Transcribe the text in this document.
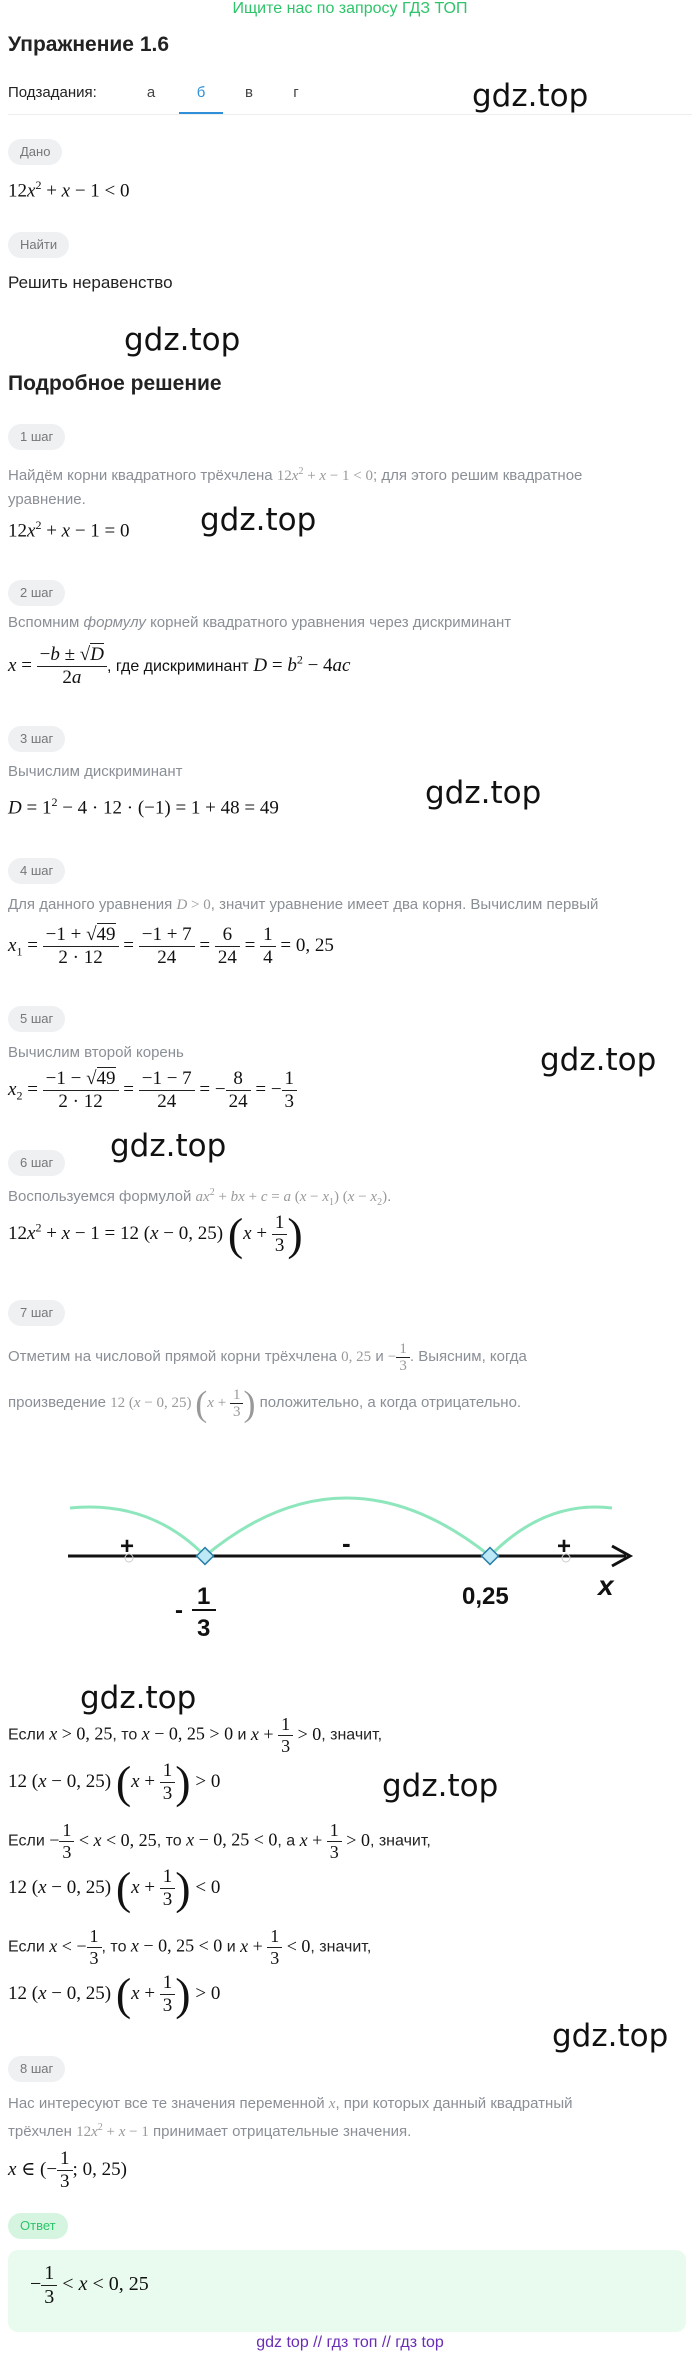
Ищите нас по запросу ГДЗ ТОП
Упражнение 1.6
Подзадания:	а	б	в	г	gdz.top
gdz.top
gdz.top
gdz.top
gdz.top
gdz.top
gdz.top
gdz.top
gdz.top
Дано
$12x^2 + x - 1 < 0$
Найти
Решить неравенство
Подробное решение
1 шаг
Найдём корни квадратного трёхчлена $12x^2 + x - 1 < 0$; для этого решим квадратное
уравнение.
$12x^2 + x - 1 = 0$
2 шаг
Вспомним формулу корней квадратного уравнения через дискриминант
$x = \frac{-b \pm √D}{2a}$ , где дискриминант $D = b^2 - 4ac$
3 шаг
Вычислим дискриминант
$D = 1^2 - 4 \cdot 12 \cdot (-1) = 1 + 48 = 49$
4 шаг
Для данного уравнения D > 0, значит уравнение имеет два корня. Вычислим первый
$x_1 = \frac{-1 + √49}{2 \cdot 12} = \frac{-1 + 7}{24} = \frac{6}{24} = \frac{1}{4} = 0$, 25
5 шаг
Вычислим второй корень
$x_2 = \frac{-1 - √49}{2 \cdot 12} = \frac{-1 - 7}{24}$ = − $\frac{8}{24}$ = − $\frac{1}{3}$
6 шаг
Воспользуемся формулой $ax^2$ + bx + c = a $(x - x_1)$ $(x - x_2)$.
$12x^2 + x - 1 = 12$ (x − 0, 25) ($x + \frac{1}{3}$ )
7 шаг
Отметим на числовой прямой корни трёхчлена 0, 25 $и - \frac{1}{3}$ . Выясним, когда
произведение 12 (x − 0, 25) ($x + \frac{1}{3}$ ) положительно, а когда отрицательно.
+	-	+
-
1
3
0,25	x
Если x > 0, 25, то x − 0, 25 > 0 и $x + \frac{1}{3} > 0$, значит,
12 (x − 0, 25) ($x + \frac{1}{3}$ ) > 0
Если − $\frac{1}{3} < x < 0$, 25, то x − 0, 25 < 0, а $x + \frac{1}{3} > 0$, значит,
12 (x − 0, 25) ($x + \frac{1}{3}$ ) < 0
Если x < − $\frac{1}{3}$ , то x − 0, 25 < 0 и $x + \frac{1}{3} < 0$, значит,
12 (x − 0, 25) ($x + \frac{1}{3}$ ) > 0
8 шаг
Нас интересуют все те значения переменной x, при которых данный квадратный
трёхчлен $12x^2 + x - 1$ принимает отрицательные значения.
x ∈ (− $\frac{1}{3}$ ; 0, 25)
Ответ
− $\frac{1}{3} < x < 0$, 25
gdz top // гдз топ // гдз top
